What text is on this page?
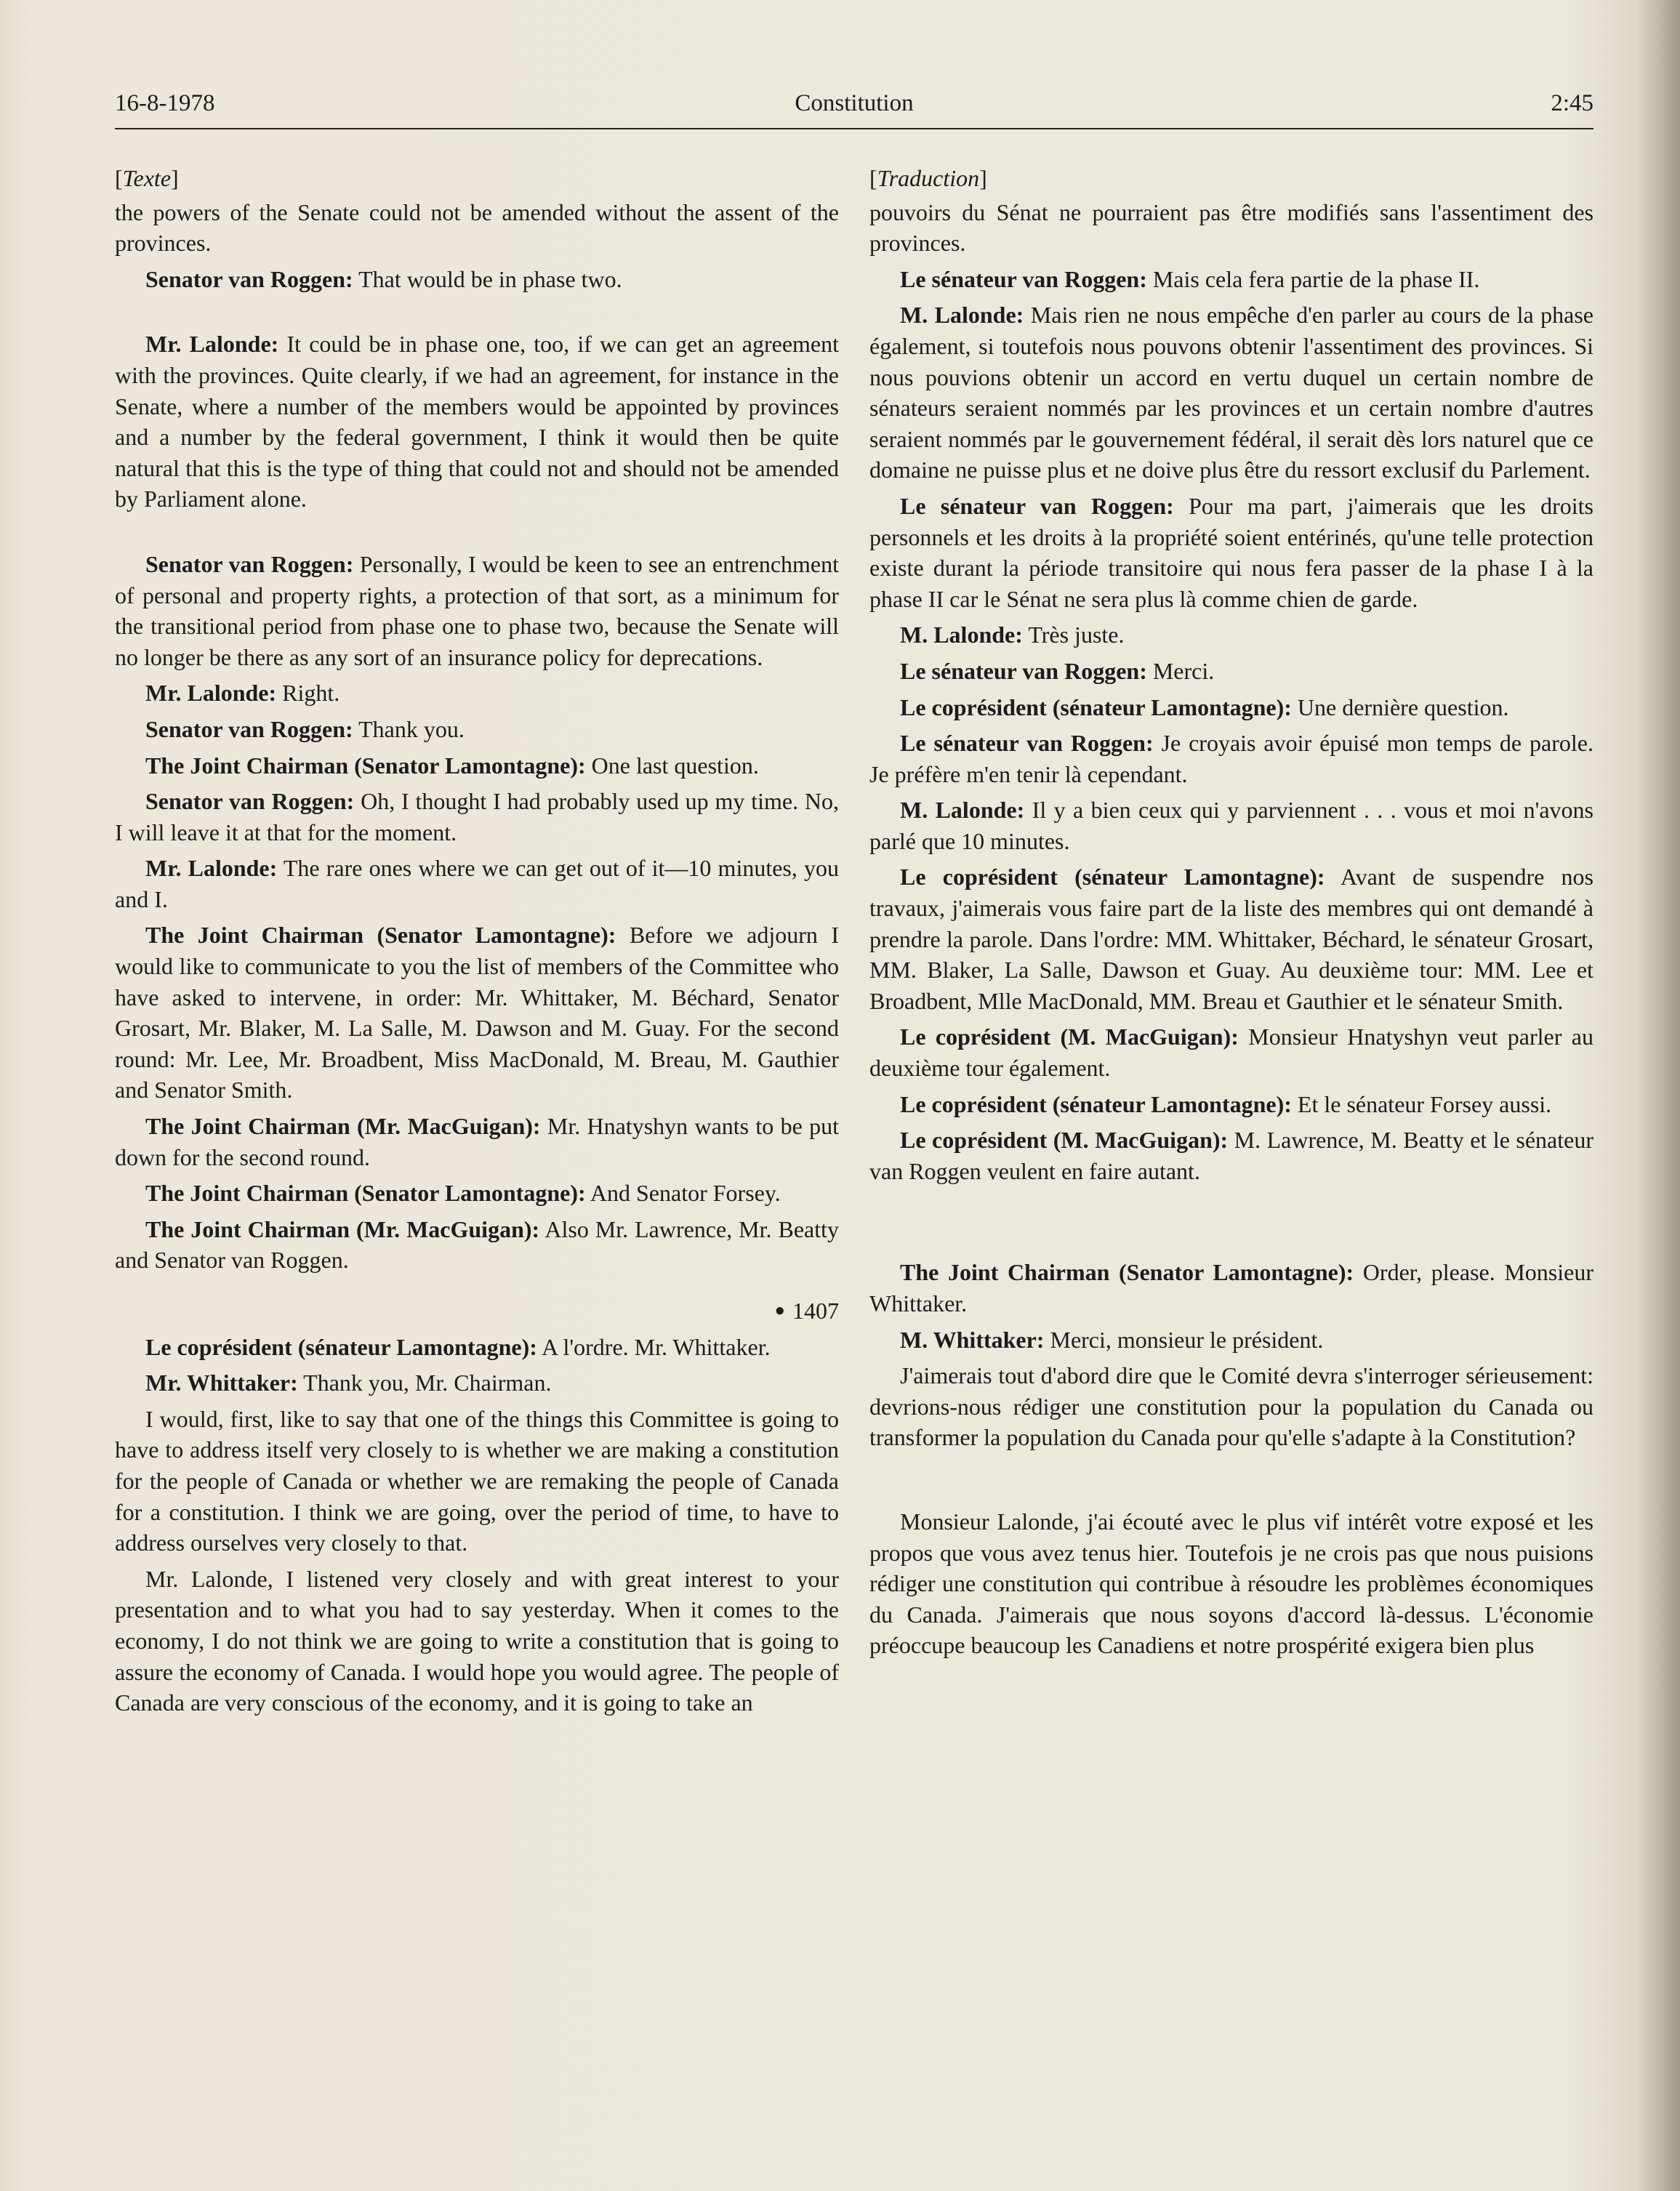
16-8-1978	Constitution	2:45

[Texte]

the powers of the Senate could not be amended without the assent of the provinces.

Senator van Roggen: That would be in phase two.

Mr. Lalonde: It could be in phase one, too, if we can get an agreement with the provinces. Quite clearly, if we had an agreement, for instance in the Senate, where a number of the members would be appointed by provinces and a number by the federal government, I think it would then be quite natural that this is the type of thing that could not and should not be amended by Parliament alone.

Senator van Roggen: Personally, I would be keen to see an entrenchment of personal and property rights, a protection of that sort, as a minimum for the transitional period from phase one to phase two, because the Senate will no longer be there as any sort of an insurance policy for deprecations.

Mr. Lalonde: Right.

Senator van Roggen: Thank you.

The Joint Chairman (Senator Lamontagne): One last question.

Senator van Roggen: Oh, I thought I had probably used up my time. No, I will leave it at that for the moment.

Mr. Lalonde: The rare ones where we can get out of it—10 minutes, you and I.

The Joint Chairman (Senator Lamontagne): Before we adjourn I would like to communicate to you the list of members of the Committee who have asked to intervene, in order: Mr. Whittaker, M. Béchard, Senator Grosart, Mr. Blaker, M. La Salle, M. Dawson and M. Guay. For the second round: Mr. Lee, Mr. Broadbent, Miss MacDonald, M. Breau, M. Gauthier and Senator Smith.

The Joint Chairman (Mr. MacGuigan): Mr. Hnatyshyn wants to be put down for the second round.

The Joint Chairman (Senator Lamontagne): And Senator Forsey.

The Joint Chairman (Mr. MacGuigan): Also Mr. Lawrence, Mr. Beatty and Senator van Roggen.

● 1407

Le coprésident (sénateur Lamontagne): A l'ordre. Mr. Whittaker.

Mr. Whittaker: Thank you, Mr. Chairman.

I would, first, like to say that one of the things this Committee is going to have to address itself very closely to is whether we are making a constitution for the people of Canada or whether we are remaking the people of Canada for a constitution. I think we are going, over the period of time, to have to address ourselves very closely to that.

Mr. Lalonde, I listened very closely and with great interest to your presentation and to what you had to say yesterday. When it comes to the economy, I do not think we are going to write a constitution that is going to assure the economy of Canada. I would hope you would agree. The people of Canada are very conscious of the economy, and it is going to take an

[Traduction]

pouvoirs du Sénat ne pourraient pas être modifiés sans l'assentiment des provinces.

Le sénateur van Roggen: Mais cela fera partie de la phase II.

M. Lalonde: Mais rien ne nous empêche d'en parler au cours de la phase également, si toutefois nous pouvons obtenir l'assentiment des provinces. Si nous pouvions obtenir un accord en vertu duquel un certain nombre de sénateurs seraient nommés par les provinces et un certain nombre d'autres seraient nommés par le gouvernement fédéral, il serait dès lors naturel que ce domaine ne puisse plus et ne doive plus être du ressort exclusif du Parlement.

Le sénateur van Roggen: Pour ma part, j'aimerais que les droits personnels et les droits à la propriété soient entérinés, qu'une telle protection existe durant la période transitoire qui nous fera passer de la phase I à la phase II car le Sénat ne sera plus là comme chien de garde.

M. Lalonde: Très juste.

Le sénateur van Roggen: Merci.

Le coprésident (sénateur Lamontagne): Une dernière question.

Le sénateur van Roggen: Je croyais avoir épuisé mon temps de parole. Je préfère m'en tenir là cependant.

M. Lalonde: Il y a bien ceux qui y parviennent . . . vous et moi n'avons parlé que 10 minutes.

Le coprésident (sénateur Lamontagne): Avant de suspendre nos travaux, j'aimerais vous faire part de la liste des membres qui ont demandé à prendre la parole. Dans l'ordre: MM. Whittaker, Béchard, le sénateur Grosart, MM. Blaker, La Salle, Dawson et Guay. Au deuxième tour: MM. Lee et Broadbent, Mlle MacDonald, MM. Breau et Gauthier et le sénateur Smith.

Le coprésident (M. MacGuigan): Monsieur Hnatyshyn veut parler au deuxième tour également.

Le coprésident (sénateur Lamontagne): Et le sénateur Forsey aussi.

Le coprésident (M. MacGuigan): M. Lawrence, M. Beatty et le sénateur van Roggen veulent en faire autant.

The Joint Chairman (Senator Lamontagne): Order, please. Monsieur Whittaker.

M. Whittaker: Merci, monsieur le président.

J'aimerais tout d'abord dire que le Comité devra s'interroger sérieusement: devrions-nous rédiger une constitution pour la population du Canada ou transformer la population du Canada pour qu'elle s'adapte à la Constitution?

Monsieur Lalonde, j'ai écouté avec le plus vif intérêt votre exposé et les propos que vous avez tenus hier. Toutefois je ne crois pas que nous puisions rédiger une constitution qui contribue à résoudre les problèmes économiques du Canada. J'aimerais que nous soyons d'accord là-dessus. L'économie préoccupe beaucoup les Canadiens et notre prospérité exigera bien plus
